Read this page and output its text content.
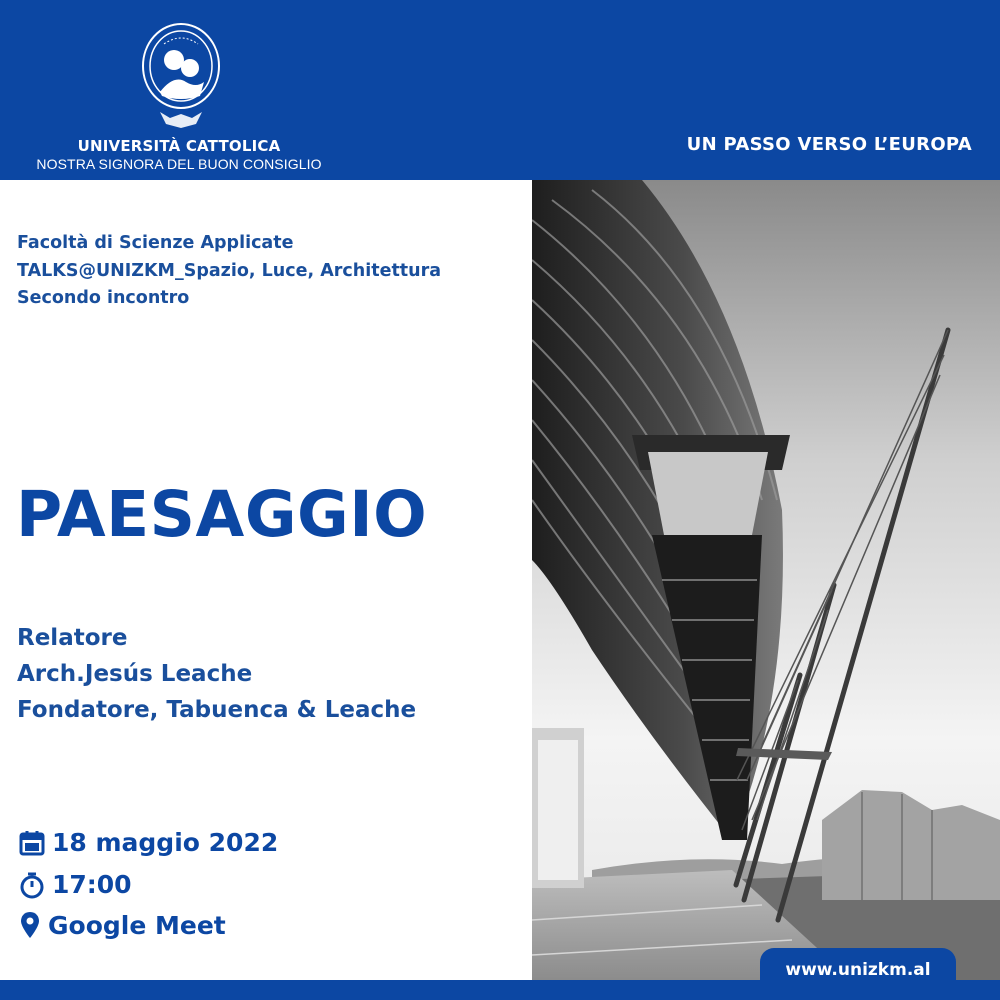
UNIVERSITÀ CATTOLICA
NOSTRA SIGNORA DEL BUON CONSIGLIO
UN PASSO VERSO L’EUROPA
Facoltà di Scienze Applicate
TALKS@UNIZKM_Spazio, Luce, Architettura
Secondo incontro
PAESAGGIO
Relatore
Arch.Jesús Leache
Fondatore, Tabuenca & Leache
18 maggio 2022
17:00
Google Meet
www.unizkm.al
